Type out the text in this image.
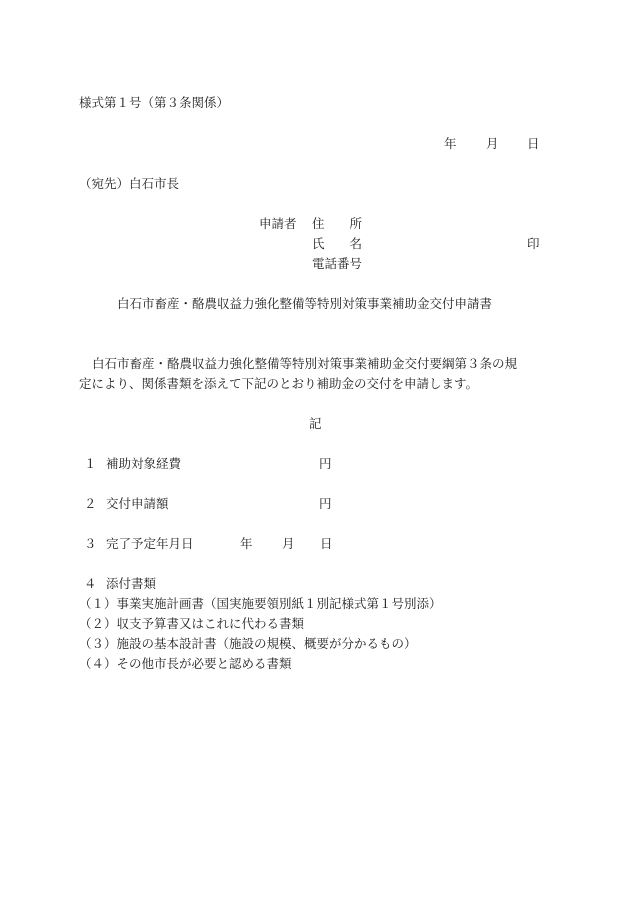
様式第１号（第３条関係）
年 月 日
（宛先）白石市長
申請者 住　　所
氏　　名	印
電話番号
白石市畜産・酪農収益力強化整備等特別対策事業補助金交付申請書
白石市畜産・酪農収益力強化整備等特別対策事業補助金交付要綱第３条の規
定により、関係書類を添えて下記のとおり補助金の交付を申請します。
記
１ 補助対象経費	円
２ 交付申請額	円
３ 完了予定年月日	年 月 日
４ 添付書類
（１）事業実施計画書（国実施要領別紙１別記様式第１号別添）
（２）収支予算書又はこれに代わる書類
（３）施設の基本設計書（施設の規模、概要が分かるもの）
（４）その他市長が必要と認める書類
